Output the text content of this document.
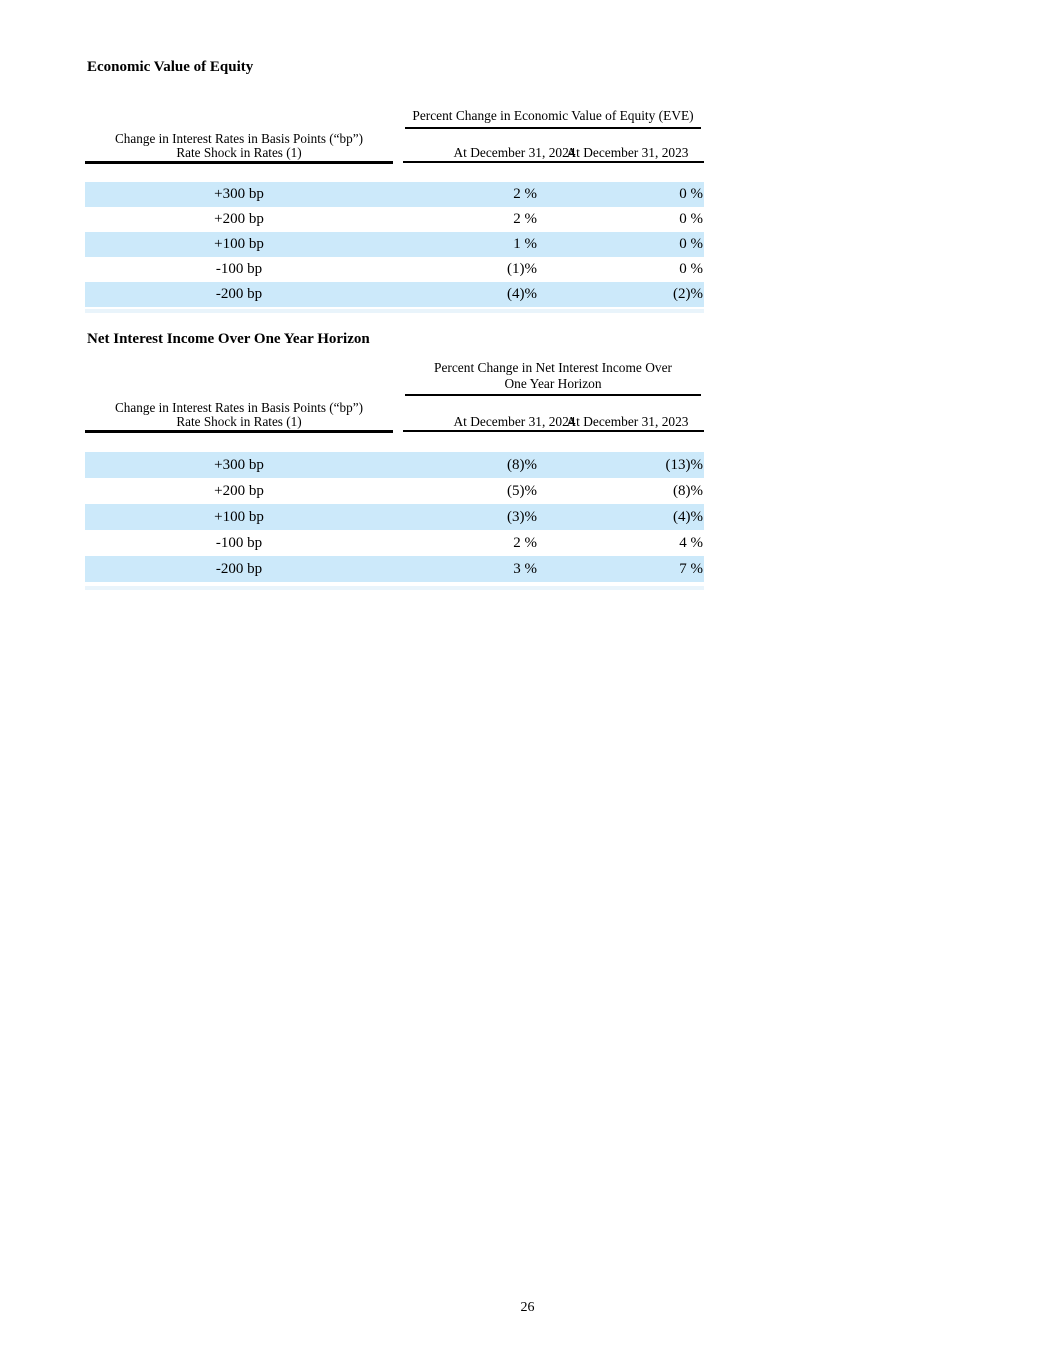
Economic Value of Equity
Percent Change in Economic Value of Equity (EVE)
Change in Interest Rates in Basis Points (“bp”)
Rate Shock in Rates (1)	At December 31, 2024
At December 31, 2023
+300 bp	2 %	0 %
+200 bp	2 %	0 %
+100 bp	1 %	0 %
-100 bp	(1)%	0 %
-200 bp	(4)%	(2)%
Net Interest Income Over One Year Horizon
Percent Change in Net Interest Income Over
One Year Horizon
Change in Interest Rates in Basis Points (“bp”)
Rate Shock in Rates (1)	At December 31, 2024
At December 31, 2023
+300 bp	(8)%	(13)%
+200 bp	(5)%	(8)%
+100 bp	(3)%	(4)%
-100 bp	2 %	4 %
-200 bp	3 %	7 %
26
